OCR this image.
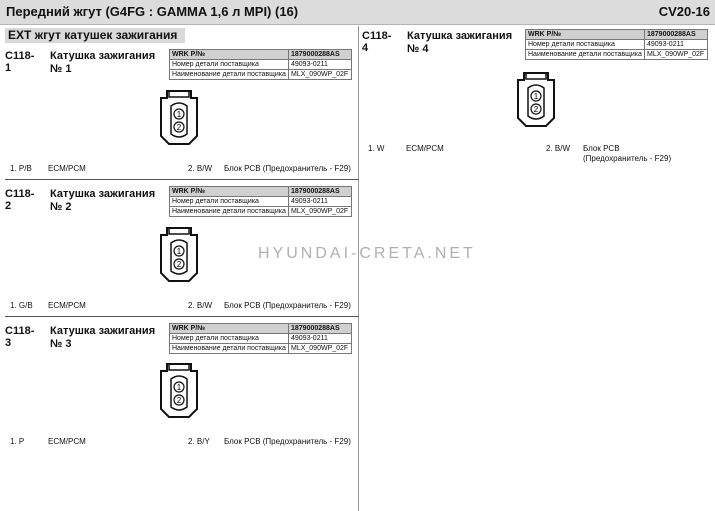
Передний жгут (G4FG : GAMMA 1,6 л MPI) (16)	CV20-16
EXT жгут катушек зажигания
HYUNDAI-CRETA.NET
C118-1
Катушка зажигания
№ 1
WRK P/№	1879000288AS
Номер детали поставщика	49093-0211
Наименование детали поставщика	MLX_090WP_02F
1
2
1. P/B ECM/PCM	2. B/W Блок PCB (Предохранитель - F29)
C118-2
Катушка зажигания
№ 2
WRK P/№	1879000288AS
Номер детали поставщика	49093-0211
Наименование детали поставщика	MLX_090WP_02F
1
2
1. G/B ECM/PCM	2. B/W Блок PCB (Предохранитель - F29)
C118-3
Катушка зажигания
№ 3
WRK P/№	1879000288AS
Номер детали поставщика	49093-0211
Наименование детали поставщика	MLX_090WP_02F
1
2
1. P	ECM/PCM	2. B/Y Блок PCB (Предохранитель - F29)
C118-4
Катушка зажигания
№ 4
WRK P/№	1879000288AS
Номер детали поставщика	49093-0211
Наименование детали поставщика	MLX_090WP_02F
1
2
1. W	ECM/PCM	2. B/W Блок PCB
(Предохранитель - F29)
